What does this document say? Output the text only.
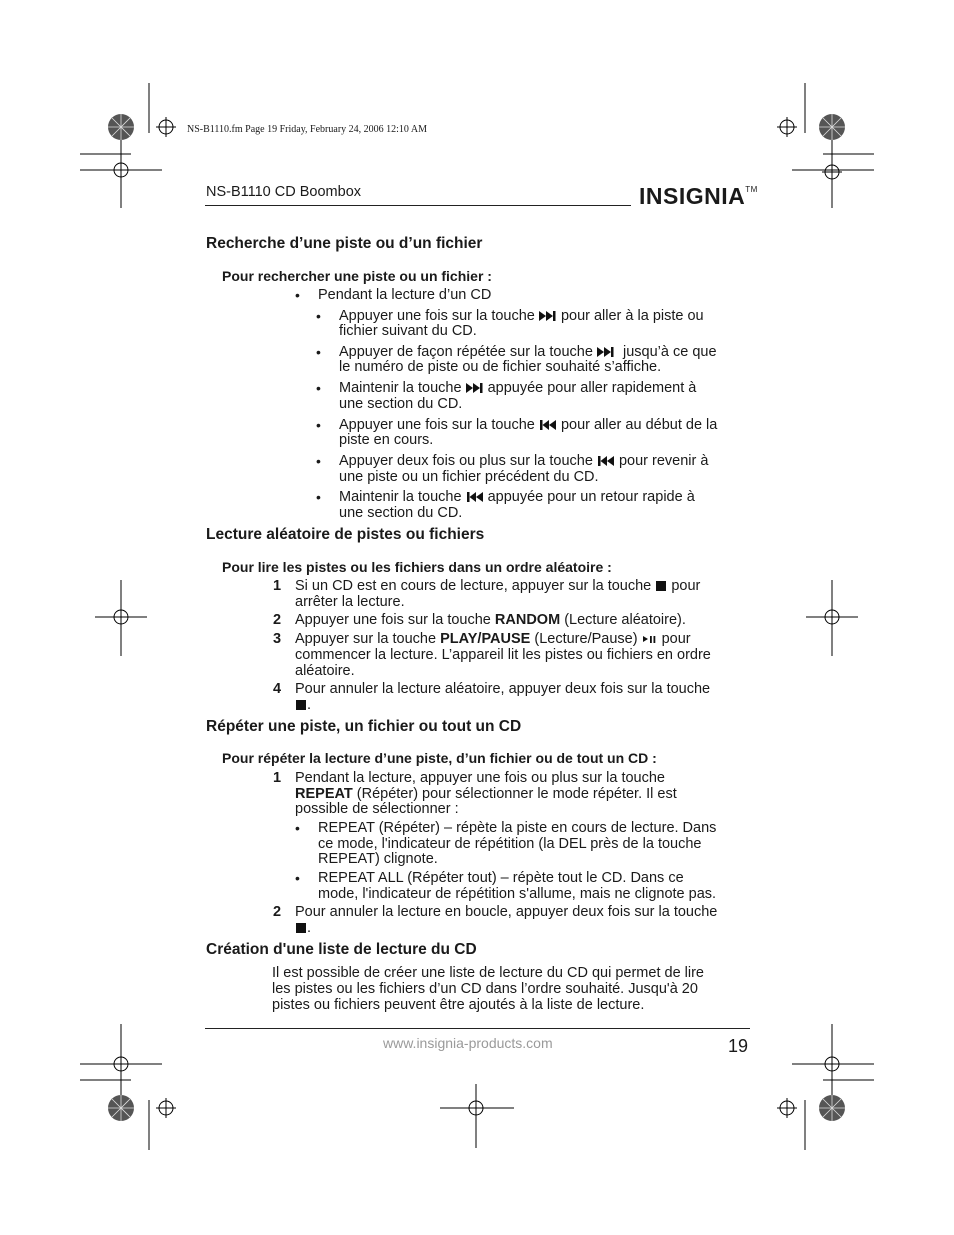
NS-B1110.fm Page 19 Friday, February 24, 2006 12:10 AM
NS-B1110 CD Boombox	INSIGNIA™
Recherche d’une piste ou d’un fichier
Pour rechercher une piste ou un fichier :
• Pendant la lecture d’un CD
• Appuyer une fois sur la touche pour aller à la piste ou
fichier suivant du CD.
• Appuyer de façon répétée sur la touche jusqu’à ce que
le numéro de piste ou de fichier souhaité s’affiche.
• Maintenir la touche appuyée pour aller rapidement à
une section du CD.
• Appuyer une fois sur la touche pour aller au début de la
piste en cours.
• Appuyer deux fois ou plus sur la touche pour revenir à
une piste ou un fichier précédent du CD.
• Maintenir la touche appuyée pour un retour rapide à
une section du CD.
Lecture aléatoire de pistes ou fichiers
Pour lire les pistes ou les fichiers dans un ordre aléatoire :
1 Si un CD est en cours de lecture, appuyer sur la touche pour
arrêter la lecture.
2 Appuyer une fois sur la touche RANDOM (Lecture aléatoire).
3 Appuyer sur la touche PLAY/PAUSE (Lecture/Pause) pour
commencer la lecture. L’appareil lit les pistes ou fichiers en ordre
aléatoire.
4 Pour annuler la lecture aléatoire, appuyer deux fois sur la touche
.
Répéter une piste, un fichier ou tout un CD
Pour répéter la lecture d’une piste, d’un fichier ou de tout un CD :
1 Pendant la lecture, appuyer une fois ou plus sur la touche
REPEAT (Répéter) pour sélectionner le mode répéter. Il est
possible de sélectionner :
• REPEAT (Répéter) – répète la piste en cours de lecture. Dans
ce mode, l'indicateur de répétition (la DEL près de la touche
REPEAT) clignote.
• REPEAT ALL (Répéter tout) – répète tout le CD. Dans ce
mode, l'indicateur de répétition s'allume, mais ne clignote pas.
2 Pour annuler la lecture en boucle, appuyer deux fois sur la touche
.
Création d'une liste de lecture du CD
Il est possible de créer une liste de lecture du CD qui permet de lire
les pistes ou les fichiers d’un CD dans l’ordre souhaité. Jusqu'à 20
pistes ou fichiers peuvent être ajoutés à la liste de lecture.
www.insignia-products.com	19
